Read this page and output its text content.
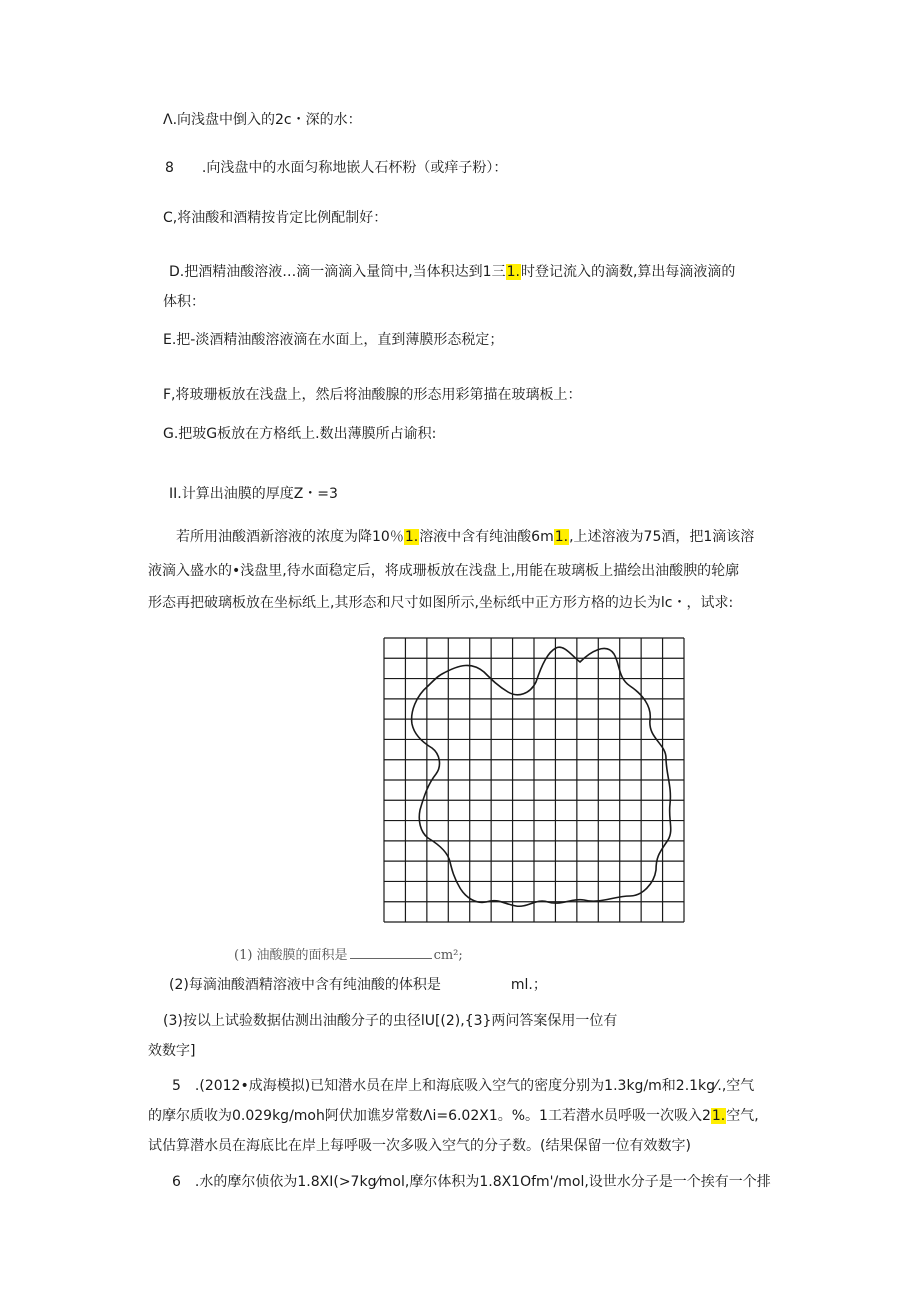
Λ.向浅盘中倒入的2c・深的水：
8 .向浅盘中的水面匀称地嵌人石杯粉（或痒子粉）：
C,将油酸和酒精按肯定比例配制好：
D.把酒精油酸溶液…滴一滴滴入量筒中,当体积达到1三1.时登记流入的滴数,算出每滴液滴的
体积：
E.把-淡酒精油酸溶液滴在水面上，直到薄膜形态税定；
F,将玻珊板放在浅盘上，然后将油酸腺的形态用彩第描在玻璃板上：
G.把玻G板放在方格纸上.数出薄膜所占谕积:
II.计算出油膜的厚度Z・=3
若所用油酸酒新溶液的浓度为降10％1.溶液中含有纯油酸6m1.,上述溶液为75酒，把1滴该溶
液滴入盛水的•浅盘里,待水面稳定后，将成珊板放在浅盘上,用能在玻璃板上描绘出油酸腴的轮廓
形态再把破璃板放在坐标纸上,其形态和尺寸如图所示,坐标纸中正方形方格的边长为lc・，试求:
(1) 油酸膜的面积是	cm²;
(2)每滴油酸酒精溶液中含有纯油酸的体积是	ml.；
(3)按以上试验数据估测出油酸分子的虫径lU[(2),{3}两问答案保用一位有
效数字]
5 .(2012•成海模拟)已知潜水员在岸上和海底吸入空气的密度分别为1.3kg/m和2.1kg⁄.,空气
的摩尔质收为0.029kg/moh阿伏加谯岁常数Λi=6.02X1。%。1工若潜水员呼吸一次吸入21.空气,
试估算潜水员在海底比在岸上每呼吸一次多吸入空气的分子数。(结果保留一位有效数字)
6 .水的摩尔侦依为1.8XI(>7kg⁄mol,摩尔体积为1.8X1Ofm'/mol,设世水分子是一个挨有一个排
